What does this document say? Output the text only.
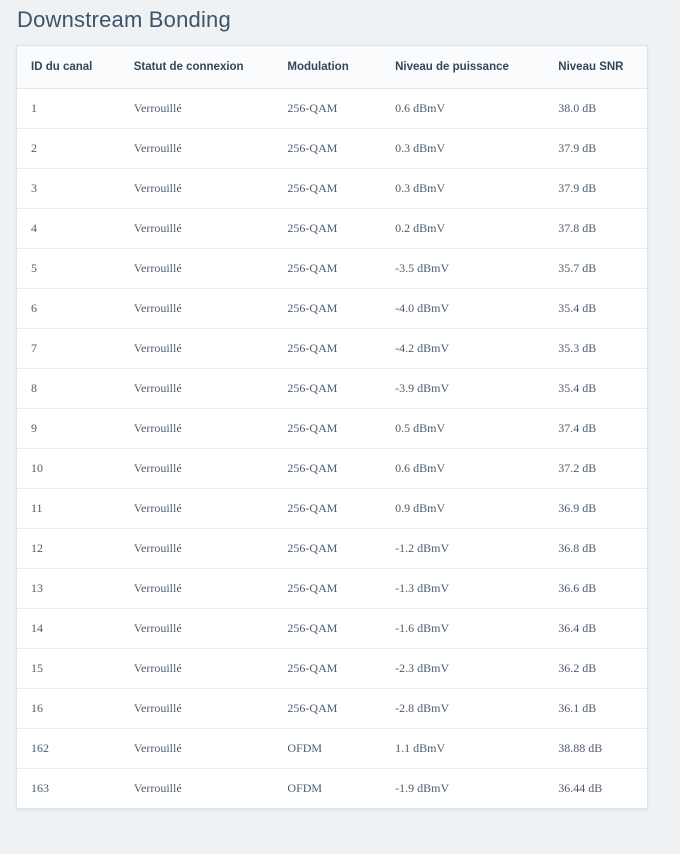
Downstream Bonding
ID du canal	Statut de connexion	Modulation	Niveau de puissance	Niveau SNR
1	Verrouillé	256-QAM	0.6 dBmV	38.0 dB
2	Verrouillé	256-QAM	0.3 dBmV	37.9 dB
3	Verrouillé	256-QAM	0.3 dBmV	37.9 dB
4	Verrouillé	256-QAM	0.2 dBmV	37.8 dB
5	Verrouillé	256-QAM	-3.5 dBmV	35.7 dB
6	Verrouillé	256-QAM	-4.0 dBmV	35.4 dB
7	Verrouillé	256-QAM	-4.2 dBmV	35.3 dB
8	Verrouillé	256-QAM	-3.9 dBmV	35.4 dB
9	Verrouillé	256-QAM	0.5 dBmV	37.4 dB
10	Verrouillé	256-QAM	0.6 dBmV	37.2 dB
11	Verrouillé	256-QAM	0.9 dBmV	36.9 dB
12	Verrouillé	256-QAM	-1.2 dBmV	36.8 dB
13	Verrouillé	256-QAM	-1.3 dBmV	36.6 dB
14	Verrouillé	256-QAM	-1.6 dBmV	36.4 dB
15	Verrouillé	256-QAM	-2.3 dBmV	36.2 dB
16	Verrouillé	256-QAM	-2.8 dBmV	36.1 dB
162	Verrouillé	OFDM	1.1 dBmV	38.88 dB
163	Verrouillé	OFDM	-1.9 dBmV	36.44 dB
